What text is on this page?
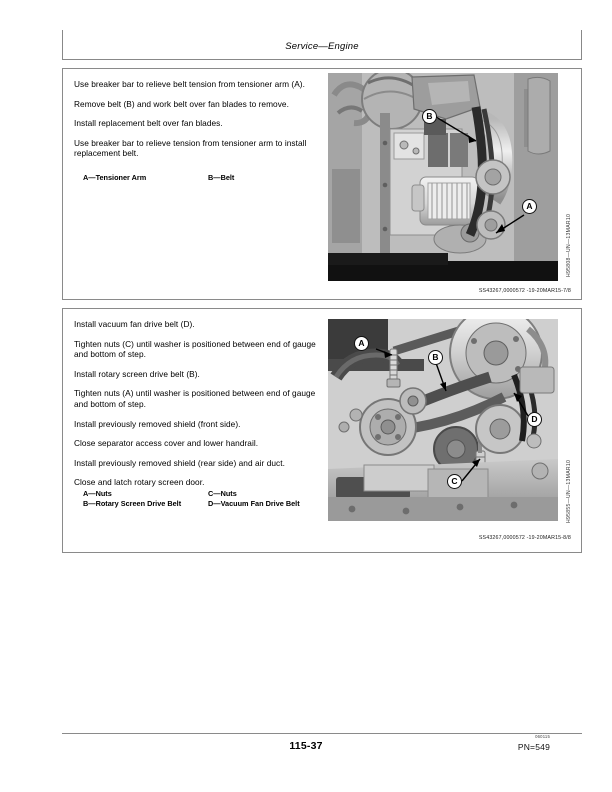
Service—Engine

Use breaker bar to relieve belt tension from tensioner arm (A).

Remove belt (B) and work belt over fan blades to remove.

Install replacement belt over fan blades.

Use breaker bar to relieve tension from tensioner arm to install replacement belt.

A—Tensioner Arm	B—Belt
B
A
H95808—UN—13MAR10
SS43267,0000572 -19-20MAR15-7/8

Install vacuum fan drive belt (D).

Tighten nuts (C) until washer is positioned between end of gauge and bottom of step.

Install rotary screen drive belt (B).

Tighten nuts (A) until washer is positioned between end of gauge and bottom of step.

Install previously removed shield (front side).

Close separator access cover and lower handrail.

Install previously removed shield (rear side) and air duct.

Close and latch rotary screen door.

A—Nuts	C—Nuts
B—Rotary Screen Drive Belt	D—Vacuum Fan Drive Belt
A
B
C
D
H95855—UN—13MAR10
SS43267,0000572 -19-20MAR15-8/8
115-37
060115
PN=549
